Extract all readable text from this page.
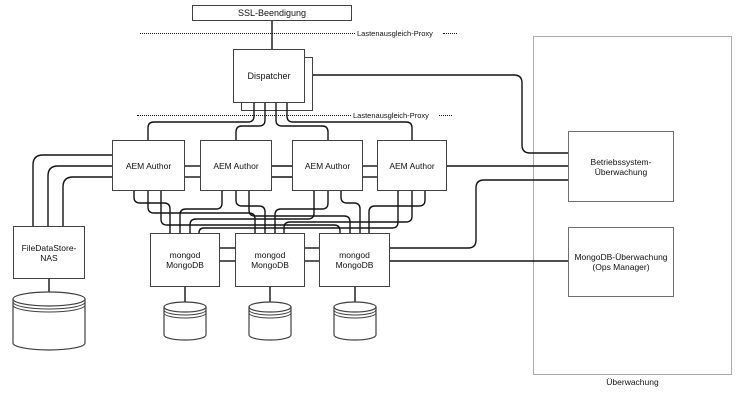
Überwachung
Lastenausgleich-Proxy
Lastenausgleich-Proxy
SSL-Beendigung
Dispatcher
AEM Author	AEM Author	AEM Author	AEM Author
FileDataStore-
NAS	mongod
MongoDB
mongod
MongoDB
mongod
MongoDB
Betriebssystem-
Überwachung
MongoDB-Überwachung
(Ops Manager)
